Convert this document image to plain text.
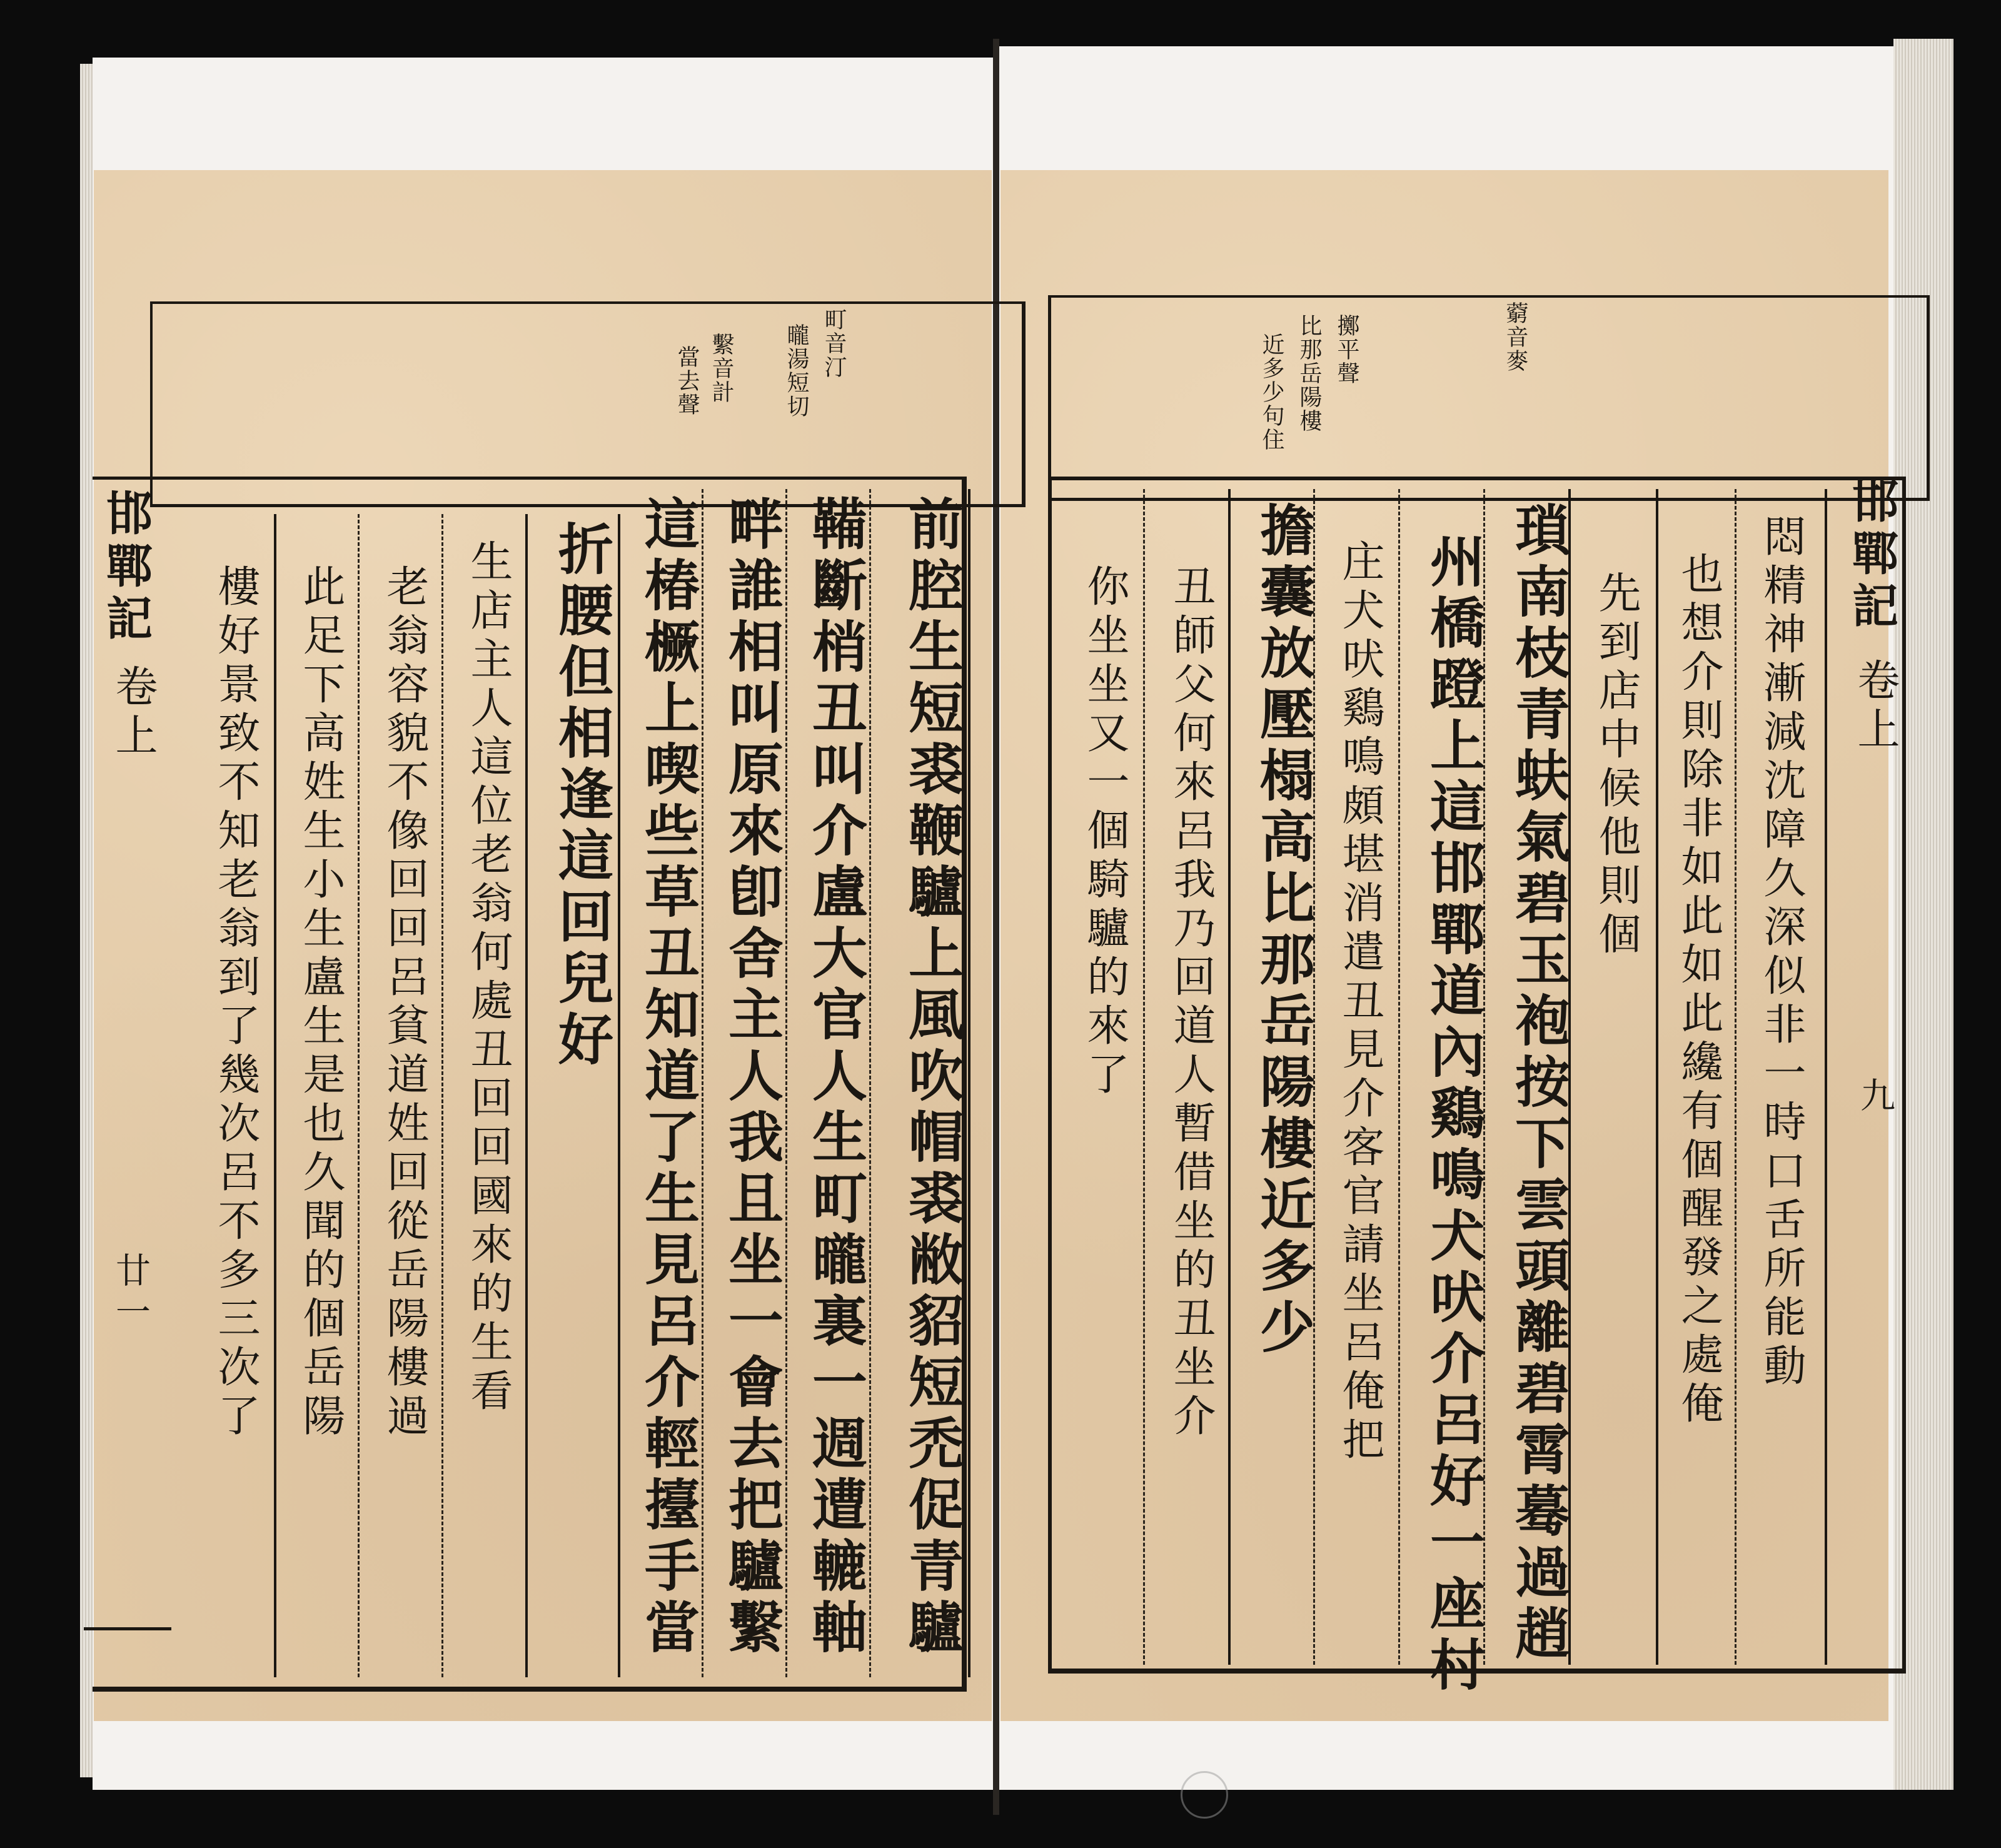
町音汀
曨湯短切
繫音計
當去聲
邯鄲記
卷上
廿一	前腔生短裘鞭驢上風吹帽裘敝貂短禿促青驢
鞴斷梢丑叫介盧大官人生町曨裏一週遭轆軸
畔誰相叫原來卽舍主人我且坐一會去把驢繫
這椿橛上喫些草丑知道了生見呂介輕擡手當
折腰但相逢這回兒好
生店主人這位老翁何處丑回回國來的生看
老翁容貌不像回回呂貧道姓回從岳陽樓過
此足下高姓生小生盧生是也久聞的個岳陽
樓好景致不知老翁到了幾次呂不多三次了
藭音麥
擲平聲
比那岳陽樓
近多少句住
邯鄲記
卷上
九
悶精神漸減沈障久深似非一時口舌所能動
也想介則除非如此如此纔有個醒發之處俺
先到店中候他則個
瑣南枝青蚨氣碧玉袍按下雲頭離碧霄蓦過趙
州橋蹬上這邯鄲道內鷄鳴犬吠介呂好一座村
庄犬吠鷄鳴頗堪消遣丑見介客官請坐呂俺把
擔囊放壓榻高比那岳陽樓近多少
丑師父何來呂我乃回道人暫借坐的丑坐介
你坐坐又一個騎驢的來了
